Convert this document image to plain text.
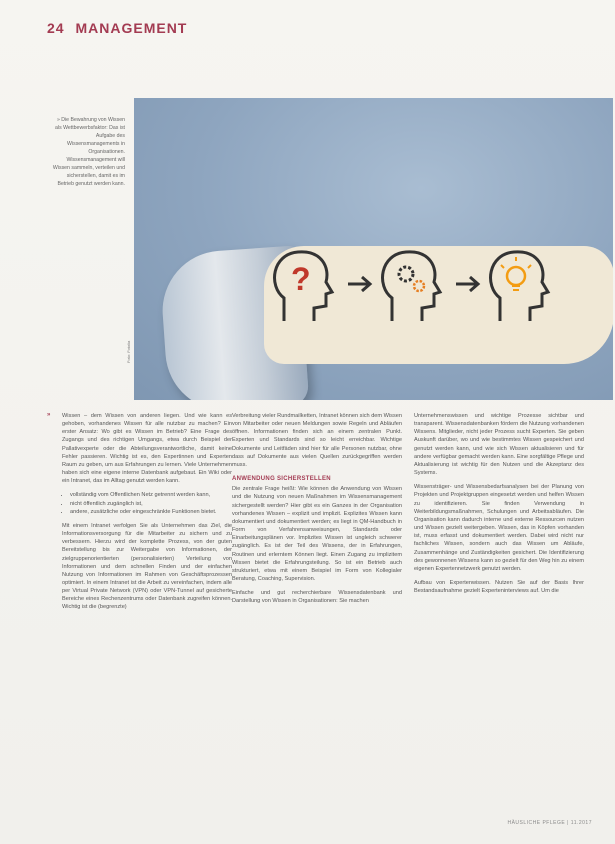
24 MANAGEMENT
» Die Bewahrung von Wissen als Wettbewerbsfaktor: Das ist Aufgabe des Wissensmanagements in Organisationen. Wissensmanagement will Wissen sammeln, verteilen und sicherstellen, damit es im Betrieb genutzt werden kann.
?
Foto: Fotolia
» Wissen – dem Wissen von anderen liegen. Und wie kann es gehoben, vorhandenes Wissen für alle nutzbar zu machen? Ein erster Ansatz: Wo gibt es Wissen im Betrieb? Eine Frage des Zugangs und des richtigen Umgangs, etwa durch Beispiel der Pallativexperte oder die Abteilungsverantwortliche, damit keine Fehler passieren. Wichtig ist es, den Expertinnen und Experten Raum zu geben, um aus Erfahrungen zu lernen. Viele Unternehmen haben sich eine eigene interne Datenbank aufgebaut. Ein Wiki oder ein Intranet, das im Alltag genutzt werden kann.

• vollständig vom Offentlichen Netz getrennt werden kann,
• nicht öffentlich zugänglich ist,
• andere, zusätzliche oder eingeschränkte Funktionen bietet.

Mit einem Intranet verfolgen Sie als Unternehmen das Ziel, die Informationsversorgung für die Mitarbeiter zu sichern und zu verbessern. Hierzu wird der komplette Prozess, von der guten Bereitstellung bis zur Weitergabe von Informationen, der zielgruppenorientierten (personalisierten) Verteilung von Informationen und dem schnellen Finden und der einfachen Nutzung von Informationen im Rahmen von Geschäftsprozessen optimiert. In einem Intranet ist die Arbeit zu vereinfachen, indem alle per Virtual Private Network (VPN) oder VPN-Tunnel auf gesicherte Bereiche eines Rechenzentrums oder Datenbank zugreifen können. Wichtig ist die (begrenzte)

Verbreitung vieler Rundmailketten, Intranet können sich dem Wissen von Mitarbeiter oder neuen Meldungen sowie Regeln und Abläufen öffnen. Informationen finden sich an einem zentralen Punkt. Experten und Standards sind so leicht erreichbar. Wichtige Dokumente und Leitfäden sind hier für alle Personen nutzbar, ohne dass auf Dokumente aus vielen Quellen zurückgegriffen werden muss.

ANWENDUNG SICHERSTELLEN

Die zentrale Frage heißt: Wie können die Anwendung von Wissen und die Nutzung von neuen Maßnahmen im Wissensmanagement sichergestellt werden? Hier gibt es ein Ganzes in der Organisation vorhandenes Wissen – explizit und implizit. Explizites Wissen kann dokumentiert und dokumentiert werden; es liegt in QM-Handbuch in Form von Verfahrensanweisungen, Standards oder Einarbeitungsplänen vor. Implizites Wissen ist ungleich schwerer zugänglich. Es ist der Teil des Wissens, der in Erfahrungen, Routinen und erlerntem Können liegt. Einen Zugang zu implizitem Wissen bietet die Erfahrungsteilung. So ist ein Betrieb auch strukturiert, etwa mit einem Beispiel im Form von Kollegialer Beratung, Coaching, Supervision.

Einfache und gut recherchierbare Wissensdatenbank und Darstellung von Wissen in Organisationen: Sie machen

Unternehmenswissen und wichtige Prozesse sichtbar und transparent. Wissensdatenbanken fördern die Nutzung vorhandenen Wissens. Mitglieder, nicht jeder Prozess sucht Experten. Sie geben Auskunft darüber, wo und wie bestimmtes Wissen gespeichert und genutzt werden kann, und wie sich Wissen aktualisieren und für andere verfügbar gemacht werden kann. Eine sorgfältige Pflege und Aktualisierung ist wichtig für den Nutzen und die Akzeptanz des Systems.

Wissensträger- und Wissensbedarfsanalysen bei der Planung von Projekten und Projektgruppen eingesetzt werden und helfen Wissen zu identifizieren. Sie finden Verwendung in Weiterbildungsmaßnahmen, Schulungen und Arbeitsabläufen. Die Organisation kann dadurch interne und externe Ressourcen nutzen und Wissen gezielt weitergeben. Wissen, das in Köpfen vorhanden ist, muss erfasst und dokumentiert werden. Dabei wird nicht nur fachliches Wissen, sondern auch das Wissen um Abläufe, Zusammenhänge und Zuständigkeiten gesichert. Die Identifizierung des gewonnenen Wissens kann so gezielt für den Weg hin zu einem eigenen Expertennetzwerk genutzt werden.

Aufbau von Expertenwissen. Nutzen Sie auf der Basis Ihrer Bestandsaufnahme gezielt Experteninterviews auf. Um die

HÄUSLICHE PFLEGE | 11.2017
